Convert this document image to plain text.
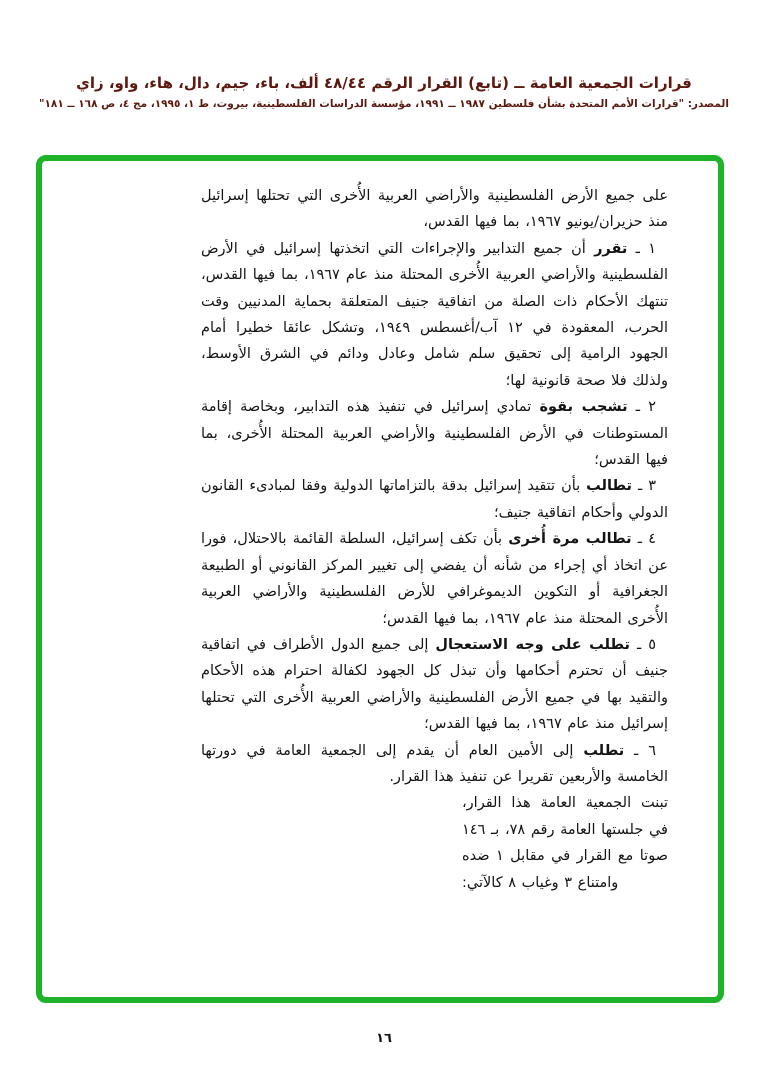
قرارات الجمعية العامة ــ (تابع) القرار الرقم ٤٨/٤٤ ألف، باء، جيم، دال، هاء، واو، زاي
المصدر: "قرارات الأمم المتحدة بشأن فلسطين ١٩٨٧ ــ ١٩٩١، مؤسسة الدراسات الفلسطينية، بيروت، ط ١، ١٩٩٥، مج ٤، ص ١٦٨ ــ ١٨١"

على جميع الأرض الفلسطينية والأراضي العربية الأُخرى التي تحتلها إسرائيل منذ حزيران/يونيو ١٩٦٧، بما فيها القدس،

١ ـ تقرر أن جميع التدابير والإجراءات التي اتخذتها إسرائيل في الأرض الفلسطينية والأراضي العربية الأُخرى المحتلة منذ عام ١٩٦٧، بما فيها القدس، تنتهك الأحكام ذات الصلة من اتفاقية جنيف المتعلقة بحماية المدنيين وقت الحرب، المعقودة في ١٢ آب/أغسطس ١٩٤٩، وتشكل عائقا خطيرا أمام الجهود الرامية إلى تحقيق سلم شامل وعادل ودائم في الشرق الأوسط، ولذلك فلا صحة قانونية لها؛

٢ ـ تشجب بقوة تمادي إسرائيل في تنفيذ هذه التدابير، وبخاصة إقامة المستوطنات في الأرض الفلسطينية والأراضي العربية المحتلة الأُخرى، بما فيها القدس؛

٣ ـ تطالب بأن تتقيد إسرائيل بدقة بالتزاماتها الدولية وفقا لمبادىء القانون الدولي وأحكام اتفاقية جنيف؛

٤ ـ تطالب مرة أُخرى بأن تكف إسرائيل، السلطة القائمة بالاحتلال، فورا عن اتخاذ أي إجراء من شأنه أن يفضي إلى تغيير المركز القانوني أو الطبيعة الجغرافية أو التكوين الديموغرافي للأرض الفلسطينية والأراضي العربية الأُخرى المحتلة منذ عام ١٩٦٧، بما فيها القدس؛

٥ ـ تطلب على وجه الاستعجال إلى جميع الدول الأطراف في اتفاقية جنيف أن تحترم أحكامها وأن تبذل كل الجهود لكفالة احترام هذه الأحكام والتقيد بها في جميع الأرض الفلسطينية والأراضي العربية الأُخرى التي تحتلها إسرائيل منذ عام ١٩٦٧، بما فيها القدس؛

٦ ـ تطلب إلى الأمين العام أن يقدم إلى الجمعية العامة في دورتها الخامسة والأربعين تقريرا عن تنفيذ هذا القرار.

تبنت الجمعية العامة هذا القرار، في جلستها العامة رقم ٧٨، بـ ١٤٦ صوتا مع القرار في مقابل ١ ضده وامتناع ٣ وغياب ٨ كالآتي:

١٦
